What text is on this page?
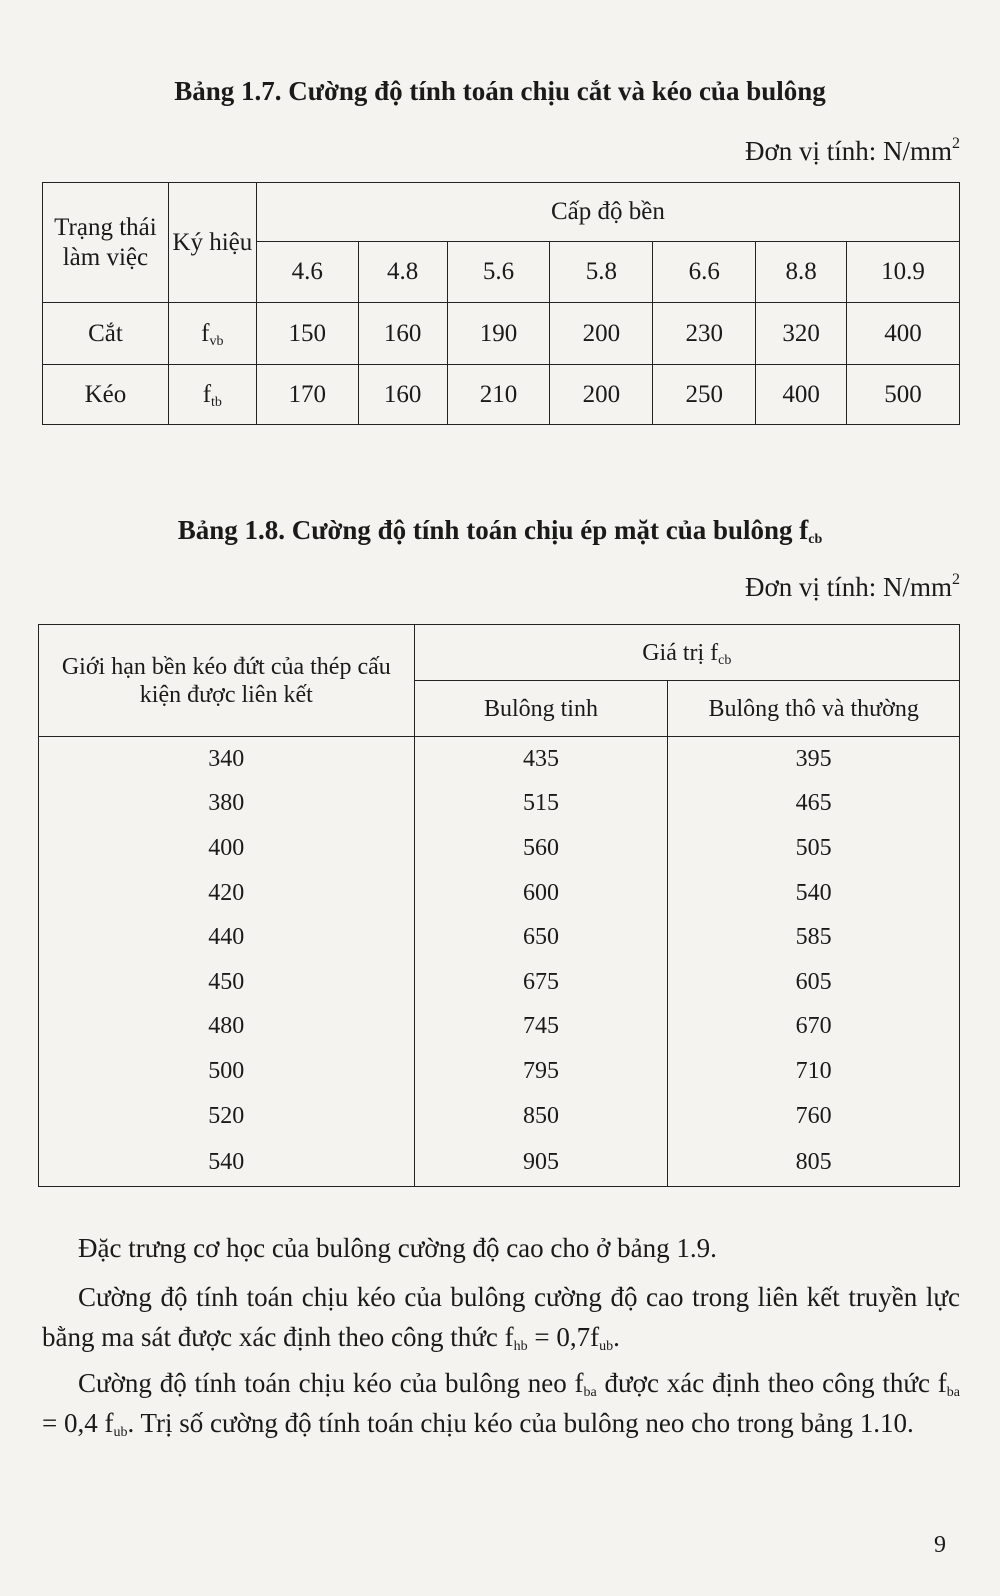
Bảng 1.7. Cường độ tính toán chịu cắt và kéo của bulông
Đơn vị tính: $N/mm^2$
Trạng thái làm việc	Ký hiệu	Cấp độ bền						
		4.6	4.8	5.6	5.8	6.6	8.8	10.9
Cắt	$f_{vb}$	150	160	190	200	230	320	400
Kéo	$f_{tb}$	170	160	210	200	250	400	500
Bảng 1.8. Cường độ tính toán chịu ép mặt của bulông $f_{cb}$
Đơn vị tính: $N/mm^2$
Giới hạn bền kéo đứt của thép cấu kiện được liên kết	Giá trị $f_{cb}$
	Bulông tinh	Bulông thô và thường
340	435	395
380	515	465
400	560	505
420	600	540
440	650	585
450	675	605
480	745	670
500	795	710
520	850	760
540	905	805
Đặc trưng cơ học của bulông cường độ cao cho ở bảng 1.9.
Cường độ tính toán chịu kéo của bulông cường độ cao trong liên kết truyền lực bằng ma sát được xác định theo công thức $f_{hb} = 0,7f_{ub}$.
Cường độ tính toán chịu kéo của bulông neo $f_{ba}$ được xác định theo công thức $f_{ba} = 0,4$ $f_{ub}$. Trị số cường độ tính toán chịu kéo của bulông neo cho trong bảng 1.10.
9
